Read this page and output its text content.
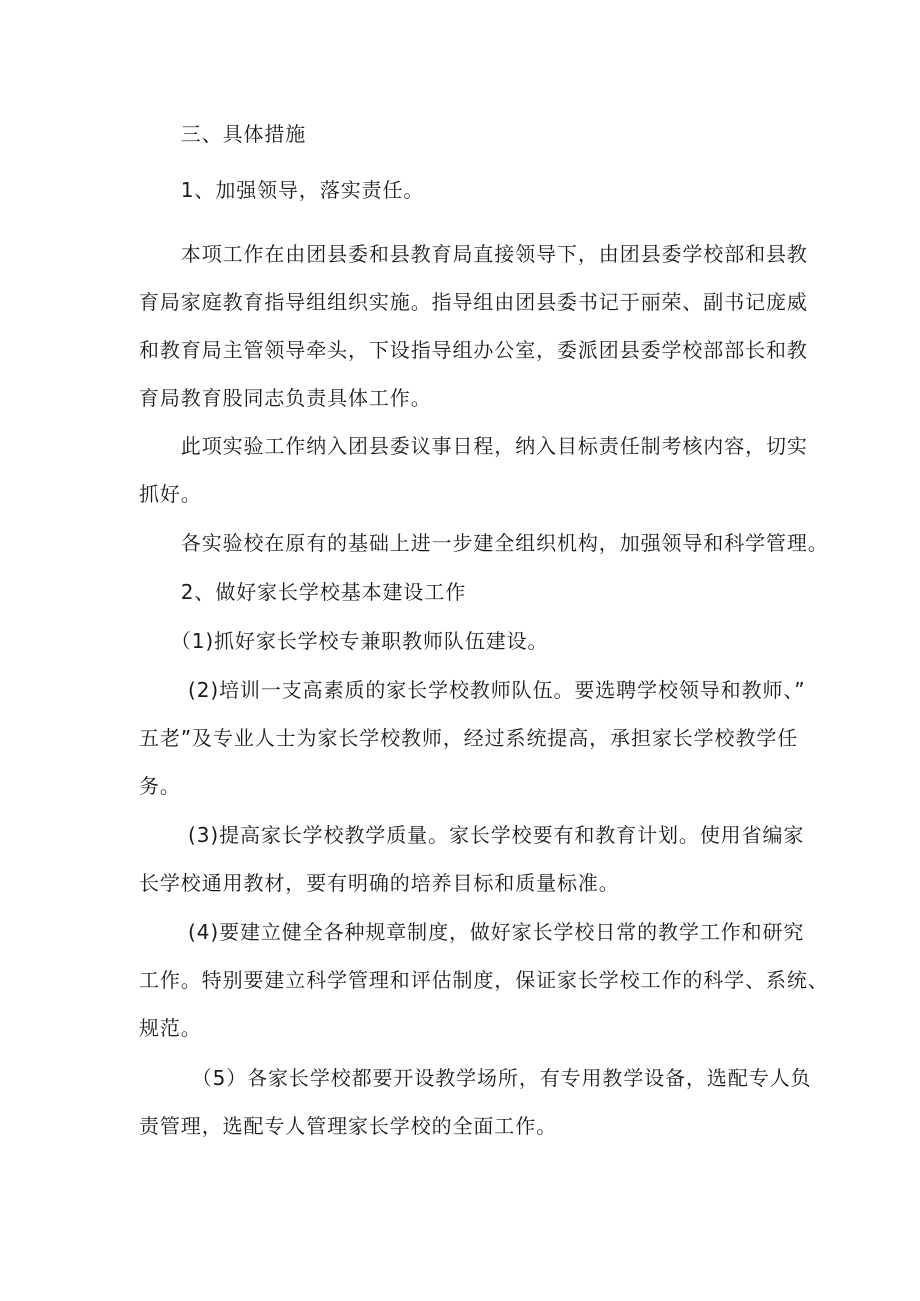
　　三、具体措施
　　1、加强领导，落实责任。
　　本项工作在由团县委和县教育局直接领导下，由团县委学校部和县教
育局家庭教育指导组组织实施。指导组由团县委书记于丽荣、副书记庞威
和教育局主管领导牵头，下设指导组办公室，委派团县委学校部部长和教
育局教育股同志负责具体工作。
　　此项实验工作纳入团县委议事日程，纳入目标责任制考核内容，切实
抓好。
　　各实验校在原有的基础上进一步建全组织机构，加强领导和科学管理。
　　2、做好家长学校基本建设工作
　　（1)抓好家长学校专兼职教师队伍建设。
　　 (2)培训一支高素质的家长学校教师队伍。要选聘学校领导和教师、”
五老”及专业人士为家长学校教师，经过系统提高，承担家长学校教学任
务。
　　 (3)提高家长学校教学质量。家长学校要有和教育计划。使用省编家
长学校通用教材，要有明确的培养目标和质量标准。
　　 (4)要建立健全各种规章制度，做好家长学校日常的教学工作和研究
工作。特别要建立科学管理和评估制度，保证家长学校工作的科学、系统、
规范。
　　　（5）各家长学校都要开设教学场所，有专用教学设备，选配专人负
责管理，选配专人管理家长学校的全面工作。
